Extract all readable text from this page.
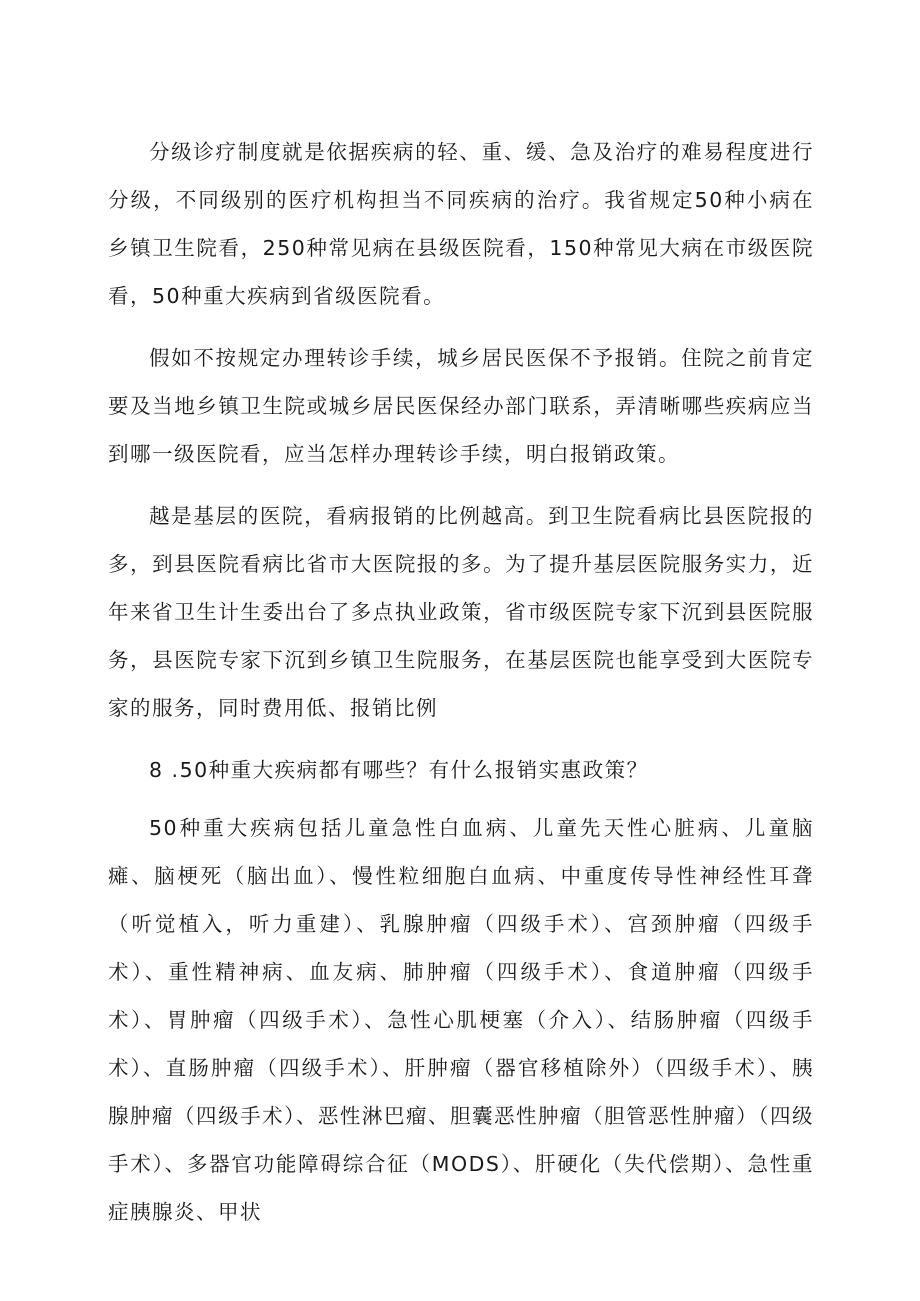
分级诊疗制度就是依据疾病的轻、重、缓、急及治疗的难易程度进行分级，不同级别的医疗机构担当不同疾病的治疗。我省规定50种小病在乡镇卫生院看，250种常见病在县级医院看，150种常见大病在市级医院看，50种重大疾病到省级医院看。

假如不按规定办理转诊手续，城乡居民医保不予报销。住院之前肯定要及当地乡镇卫生院或城乡居民医保经办部门联系，弄清晰哪些疾病应当到哪一级医院看，应当怎样办理转诊手续，明白报销政策。

越是基层的医院，看病报销的比例越高。到卫生院看病比县医院报的多，到县医院看病比省市大医院报的多。为了提升基层医院服务实力，近年来省卫生计生委出台了多点执业政策，省市级医院专家下沉到县医院服务，县医院专家下沉到乡镇卫生院服务，在基层医院也能享受到大医院专家的服务，同时费用低、报销比例

8 .50种重大疾病都有哪些？有什么报销实惠政策？

50种重大疾病包括儿童急性白血病、儿童先天性心脏病、儿童脑瘫、脑梗死（脑出血）、慢性粒细胞白血病、中重度传导性神经性耳聋（听觉植入，听力重建）、乳腺肿瘤（四级手术）、宫颈肿瘤（四级手术）、重性精神病、血友病、肺肿瘤（四级手术）、食道肿瘤（四级手术）、胃肿瘤（四级手术）、急性心肌梗塞（介入）、结肠肿瘤（四级手术）、直肠肿瘤（四级手术）、肝肿瘤（器官移植除外）（四级手术）、胰腺肿瘤（四级手术）、恶性淋巴瘤、胆囊恶性肿瘤（胆管恶性肿瘤）（四级手术）、多器官功能障碍综合征（MODS）、肝硬化（失代偿期）、急性重症胰腺炎、甲状
